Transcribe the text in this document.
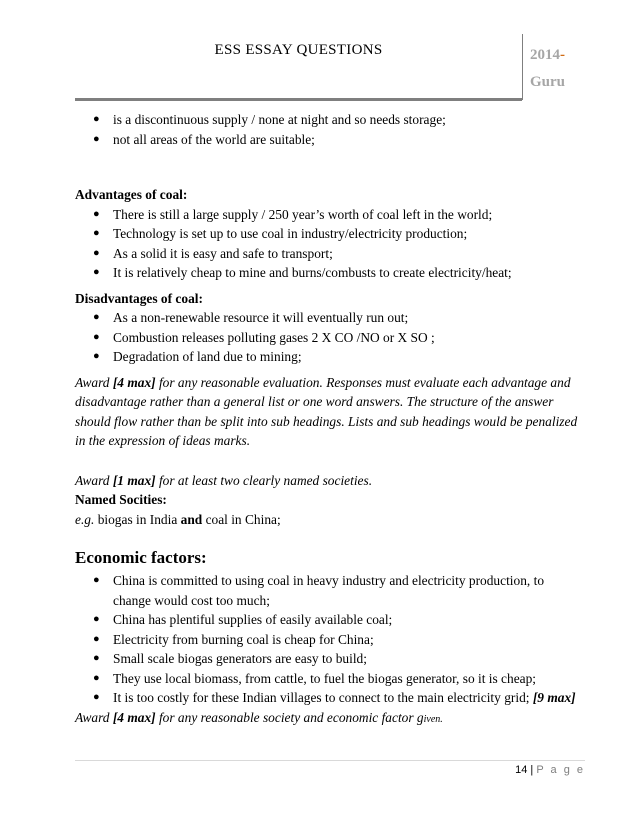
ESS ESSAY QUESTIONS	2014-
Guru
● is a discontinuous supply / none at night and so needs storage;
● not all areas of the world are suitable;
Advantages of coal:
● There is still a large supply / 250 year’s worth of coal left in the world;
● Technology is set up to use coal in industry/electricity production;
● As a solid it is easy and safe to transport;
● It is relatively cheap to mine and burns/combusts to create electricity/heat;
Disadvantages of coal:
● As a non-renewable resource it will eventually run out;
● Combustion releases polluting gases 2 X CO /NO or X SO ;
● Degradation of land due to mining;
Award [4 max] for any reasonable evaluation. Responses must evaluate each advantage and disadvantage rather than a general list or one word answers. The structure of the answer should flow rather than be split into sub headings. Lists and sub headings would be penalized in the expression of ideas marks.
Award [1 max] for at least two clearly named societies.
Named Socities:
e.g. biogas in India and coal in China;
Economic factors:
● China is committed to using coal in heavy industry and electricity production, to change would cost too much;
● China has plentiful supplies of easily available coal;
● Electricity from burning coal is cheap for China;
● Small scale biogas generators are easy to build;
● They use local biomass, from cattle, to fuel the biogas generator, so it is cheap;
● It is too costly for these Indian villages to connect to the main electricity grid; [9 max]
Award [4 max] for any reasonable society and economic factor given.
14 | P a g e
